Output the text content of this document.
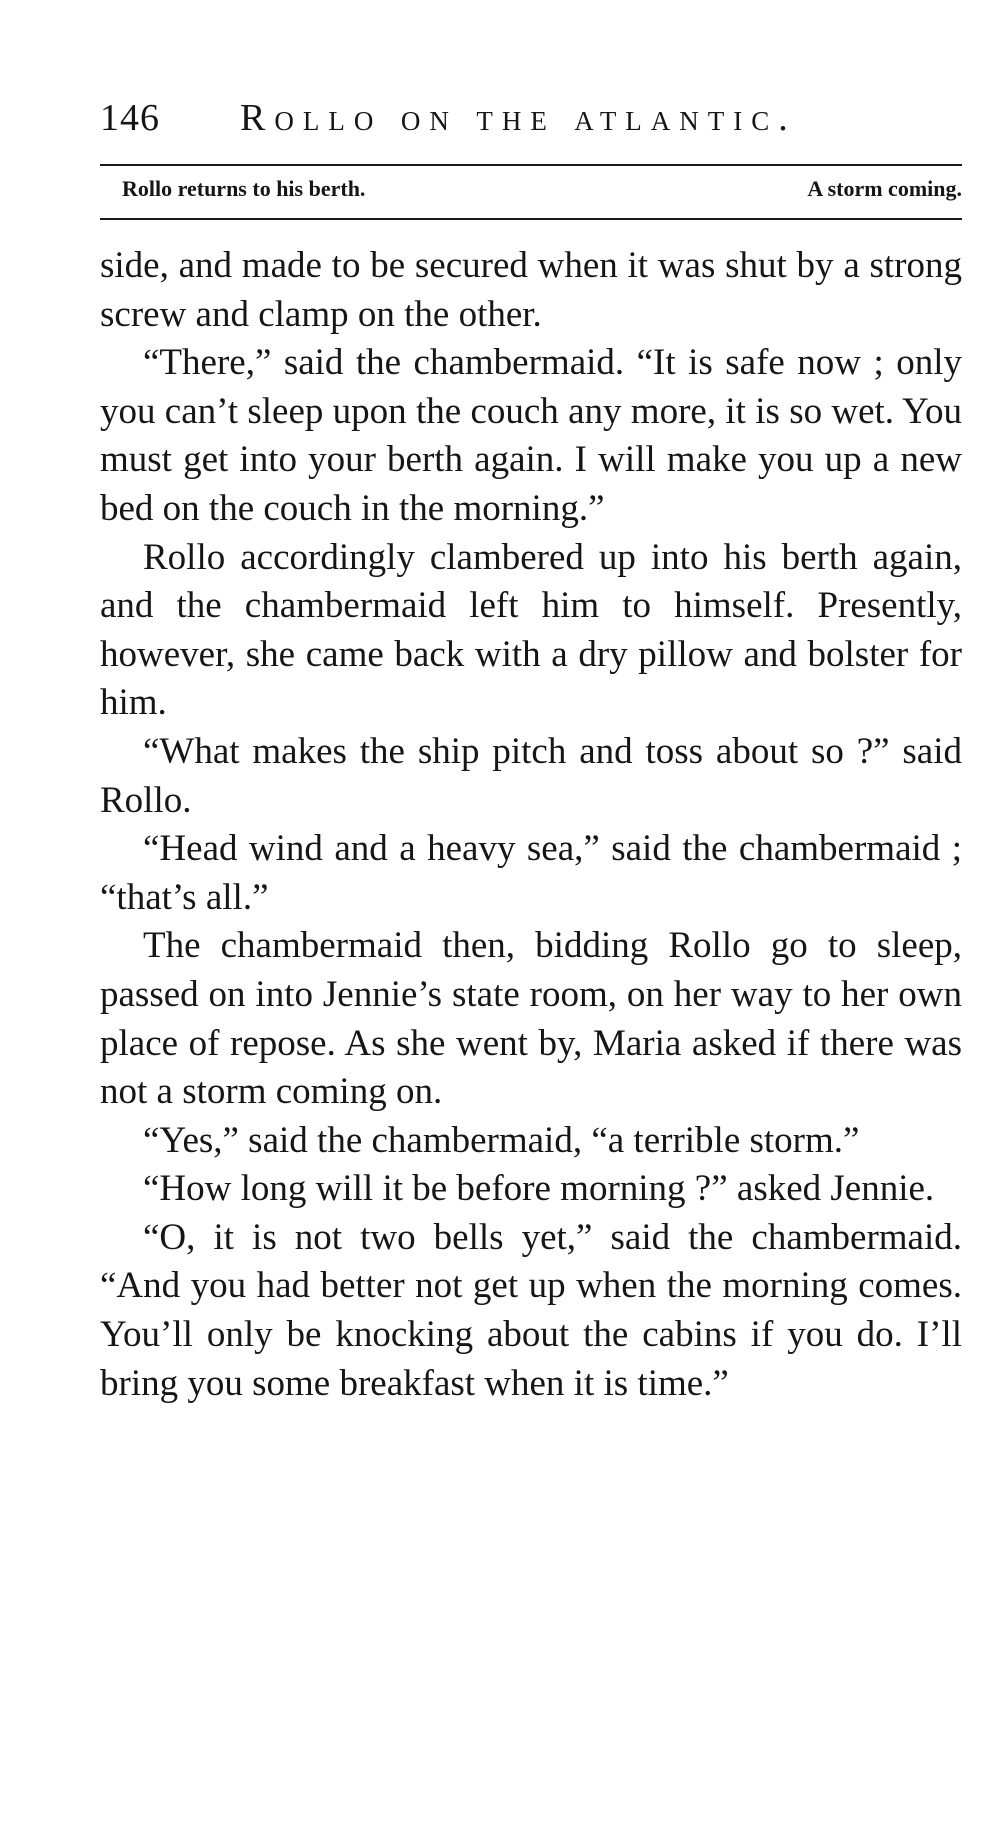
146 Rollo on the atlantic.
Rollo returns to his berth.	A storm coming.

side, and made to be secured when it was shut by a strong screw and clamp on the other.

“There,” said the chambermaid. “It is safe now ; only you can’t sleep upon the couch any more, it is so wet. You must get into your berth again. I will make you up a new bed on the couch in the morning.”

Rollo accordingly clambered up into his berth again, and the chambermaid left him to himself. Presently, however, she came back with a dry pillow and bolster for him.

“What makes the ship pitch and toss about so ?” said Rollo.

“Head wind and a heavy sea,” said the chambermaid ; “that’s all.”

The chambermaid then, bidding Rollo go to sleep, passed on into Jennie’s state room, on her way to her own place of repose. As she went by, Maria asked if there was not a storm coming on.

“Yes,” said the chambermaid, “a terrible storm.”

“How long will it be before morning ?” asked Jennie.

“O, it is not two bells yet,” said the chambermaid. “And you had better not get up when the morning comes. You’ll only be knocking about the cabins if you do. I’ll bring you some breakfast when it is time.”
